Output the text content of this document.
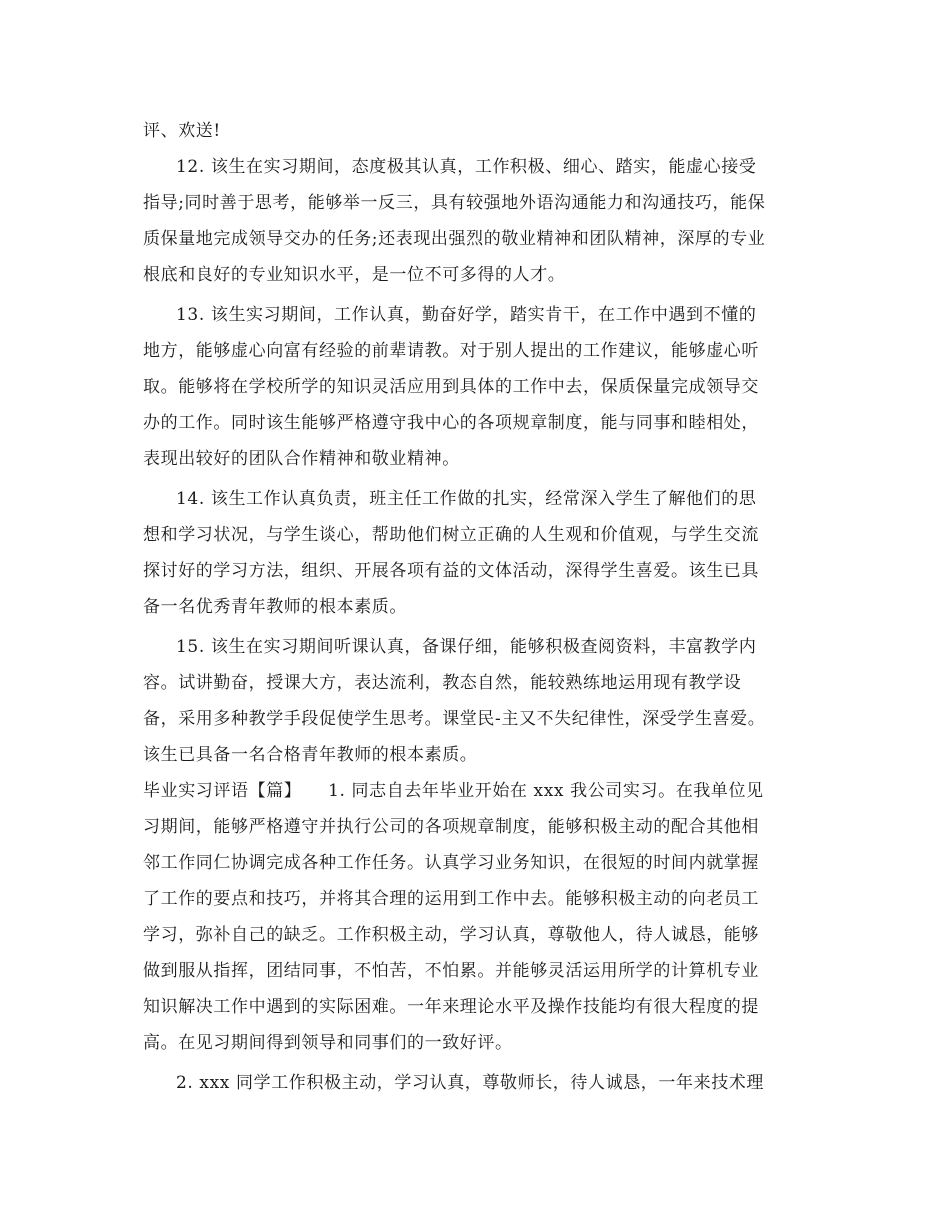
评、欢送!
12. 该生在实习期间，态度极其认真，工作积极、细心、踏实，能虚心接受
指导;同时善于思考，能够举一反三，具有较强地外语沟通能力和沟通技巧，能保
质保量地完成领导交办的任务;还表现出强烈的敬业精神和团队精神，深厚的专业
根底和良好的专业知识水平，是一位不可多得的人才。
13. 该生实习期间，工作认真，勤奋好学，踏实肯干，在工作中遇到不懂的
地方，能够虚心向富有经验的前辈请教。对于别人提出的工作建议，能够虚心听
取。能够将在学校所学的知识灵活应用到具体的工作中去，保质保量完成领导交
办的工作。同时该生能够严格遵守我中心的各项规章制度，能与同事和睦相处，
表现出较好的团队合作精神和敬业精神。
14. 该生工作认真负责，班主任工作做的扎实，经常深入学生了解他们的思
想和学习状况，与学生谈心，帮助他们树立正确的人生观和价值观，与学生交流
探讨好的学习方法，组织、开展各项有益的文体活动，深得学生喜爱。该生已具
备一名优秀青年教师的根本素质。
15. 该生在实习期间听课认真，备课仔细，能够积极查阅资料，丰富教学内
容。试讲勤奋，授课大方，表达流利，教态自然，能较熟练地运用现有教学设
备，采用多种教学手段促使学生思考。课堂民-主又不失纪律性，深受学生喜爱。
该生已具备一名合格青年教师的根本素质。
毕业实习评语【篇】　　1. 同志自去年毕业开始在 xxx 我公司实习。在我单位见
习期间，能够严格遵守并执行公司的各项规章制度，能够积极主动的配合其他相
邻工作同仁协调完成各种工作任务。认真学习业务知识，在很短的时间内就掌握
了工作的要点和技巧，并将其合理的运用到工作中去。能够积极主动的向老员工
学习，弥补自己的缺乏。工作积极主动，学习认真，尊敬他人，待人诚恳，能够
做到服从指挥，团结同事，不怕苦，不怕累。并能够灵活运用所学的计算机专业
知识解决工作中遇到的实际困难。一年来理论水平及操作技能均有很大程度的提
高。在见习期间得到领导和同事们的一致好评。
2. xxx 同学工作积极主动，学习认真，尊敬师长，待人诚恳，一年来技术理
